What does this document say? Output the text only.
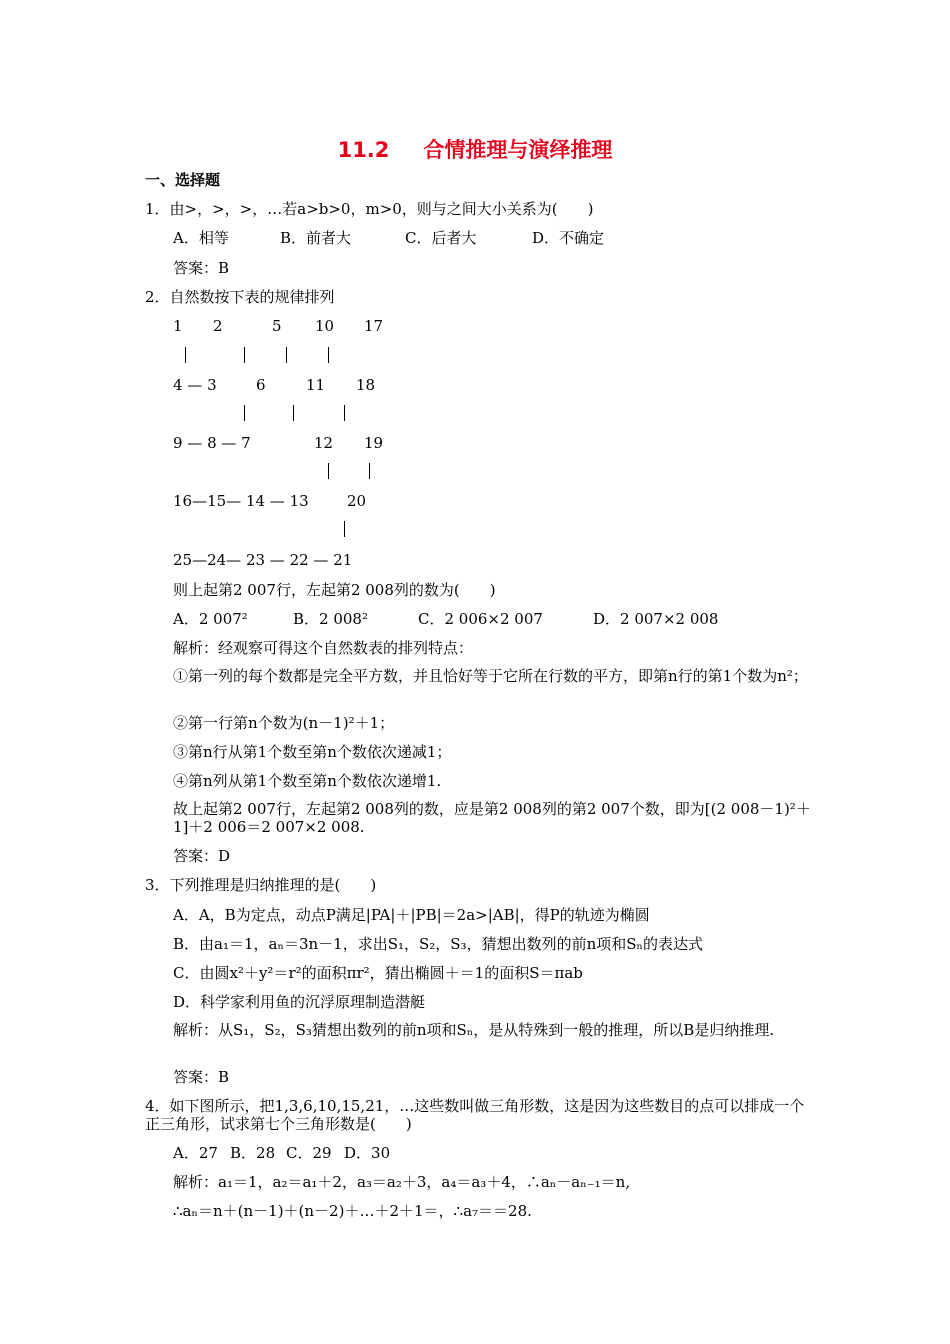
11.2 合情推理与演绎推理
一、选择题
1．由>，>，>，…若a>b>0，m>0，则与之间大小关系为(　　)
A．相等	B．前者大	C．后者大	D．不确定
答案：B
2．自然数按下表的规律排列
1 2	5 10 17
4 — 3	6	11 18
9 — 8 — 7	12 19
16—15— 14 — 13	20
25—24— 23 — 22 — 21
则上起第2 007行，左起第2 008列的数为(　　)
A．2 007²	B．2 008²	C．2 006×2 007	D．2 007×2 008
解析：经观察可得这个自然数表的排列特点：
①第一列的每个数都是完全平方数，并且恰好等于它所在行数的平方，即第n行的第1个数为n²；
②第一行第n个数为(n－1)²＋1；
③第n行从第1个数至第n个数依次递减1；
④第n列从第1个数至第n个数依次递增1.
故上起第2 007行，左起第2 008列的数，应是第2 008列的第2 007个数，即为[(2 008－1)²＋1]＋2 006＝2 007×2 008.
答案：D
3．下列推理是归纳推理的是(　　)
A．A，B为定点，动点P满足|PA|＋|PB|＝2a>|AB|，得P的轨迹为椭圆
B．由a₁＝1，aₙ＝3n－1，求出S₁，S₂，S₃，猜想出数列的前n项和Sₙ的表达式
C．由圆x²＋y²＝r²的面积πr²，猜出椭圆＋＝1的面积S＝πab
D．科学家利用鱼的沉浮原理制造潜艇
解析：从S₁，S₂，S₃猜想出数列的前n项和Sₙ，是从特殊到一般的推理，所以B是归纳推理.
答案：B
4．如下图所示，把1,3,6,10,15,21，…这些数叫做三角形数，这是因为这些数目的点可以排成一个正三角形，试求第七个三角形数是(　　)
A．27 B．28 C．29 D．30
解析：a₁＝1，a₂＝a₁＋2，a₃＝a₂＋3，a₄＝a₃＋4，∴aₙ－aₙ₋₁＝n,
∴aₙ＝n＋(n－1)＋(n－2)＋…＋2＋1＝，∴a₇＝＝28.
